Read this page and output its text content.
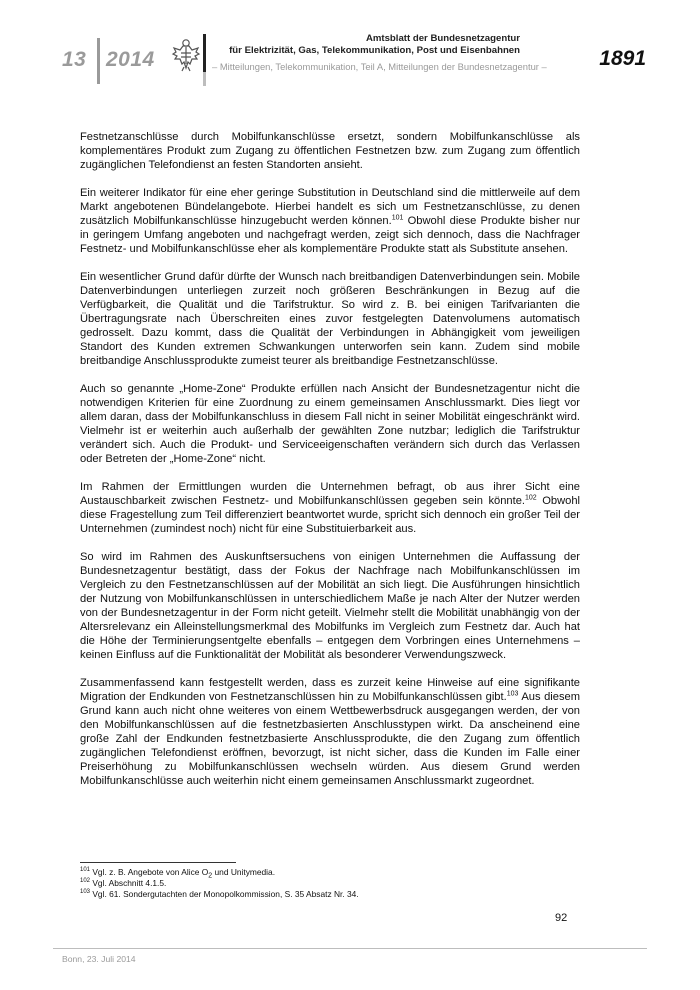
13 2014
Amtsblatt der Bundesnetzagentur
für Elektrizität, Gas, Telekommunikation, Post und Eisenbahnen
– Mitteilungen, Telekommunikation, Teil A, Mitteilungen der Bundesnetzagentur –	1891

Festnetzanschlüsse durch Mobilfunkanschlüsse ersetzt, sondern Mobilfunkanschlüsse als komplementäres Produkt zum Zugang zu öffentlichen Festnetzen bzw. zum Zugang zum öffentlich zugänglichen Telefondienst an festen Standorten ansieht.

Ein weiterer Indikator für eine eher geringe Substitution in Deutschland sind die mittlerweile auf dem Markt angebotenen Bündelangebote. Hierbei handelt es sich um Festnetzanschlüsse, zu denen zusätzlich Mobilfunkanschlüsse hinzugebucht werden können.$^{101}$ Obwohl diese Produkte bisher nur in geringem Umfang angeboten und nachgefragt werden, zeigt sich dennoch, dass die Nachfrager Festnetz- und Mobilfunkanschlüsse eher als komplementäre Produkte statt als Substitute ansehen.

Ein wesentlicher Grund dafür dürfte der Wunsch nach breitbandigen Datenverbindungen sein. Mobile Datenverbindungen unterliegen zurzeit noch größeren Beschränkungen in Bezug auf die Verfügbarkeit, die Qualität und die Tarifstruktur. So wird z. B. bei einigen Tarifvarianten die Übertragungsrate nach Überschreiten eines zuvor festgelegten Datenvolumens automatisch gedrosselt. Dazu kommt, dass die Qualität der Verbindungen in Abhängigkeit vom jeweiligen Standort des Kunden extremen Schwankungen unterworfen sein kann. Zudem sind mobile breitbandige Anschlussprodukte zumeist teurer als breitbandige Festnetzanschlüsse.

Auch so genannte „Home-Zone“ Produkte erfüllen nach Ansicht der Bundesnetzagentur nicht die notwendigen Kriterien für eine Zuordnung zu einem gemeinsamen Anschlussmarkt. Dies liegt vor allem daran, dass der Mobilfunkanschluss in diesem Fall nicht in seiner Mobilität eingeschränkt wird. Vielmehr ist er weiterhin auch außerhalb der gewählten Zone nutzbar; lediglich die Tarifstruktur verändert sich. Auch die Produkt- und Serviceeigenschaften verändern sich durch das Verlassen oder Betreten der „Home-Zone“ nicht.

Im Rahmen der Ermittlungen wurden die Unternehmen befragt, ob aus ihrer Sicht eine Austauschbarkeit zwischen Festnetz- und Mobilfunkanschlüssen gegeben sein könnte.$^{102}$ Obwohl diese Fragestellung zum Teil differenziert beantwortet wurde, spricht sich dennoch ein großer Teil der Unternehmen (zumindest noch) nicht für eine Substituierbarkeit aus.

So wird im Rahmen des Auskunftsersuchens von einigen Unternehmen die Auffassung der Bundesnetzagentur bestätigt, dass der Fokus der Nachfrage nach Mobilfunkanschlüssen im Vergleich zu den Festnetzanschlüssen auf der Mobilität an sich liegt. Die Ausführungen hinsichtlich der Nutzung von Mobilfunkanschlüssen in unterschiedlichem Maße je nach Alter der Nutzer werden von der Bundesnetzagentur in der Form nicht geteilt. Vielmehr stellt die Mobilität unabhängig von der Altersrelevanz ein Alleinstellungsmerkmal des Mobilfunks im Vergleich zum Festnetz dar. Auch hat die Höhe der Terminierungsentgelte ebenfalls – entgegen dem Vorbringen eines Unternehmens – keinen Einfluss auf die Funktionalität der Mobilität als besonderer Verwendungszweck.

Zusammenfassend kann festgestellt werden, dass es zurzeit keine Hinweise auf eine signifikante Migration der Endkunden von Festnetzanschlüssen hin zu Mobilfunkanschlüssen gibt.$^{103}$ Aus diesem Grund kann auch nicht ohne weiteres von einem Wettbewerbsdruck ausgegangen werden, der von den Mobilfunkanschlüssen auf die festnetzbasierten Anschlusstypen wirkt. Da anscheinend eine große Zahl der Endkunden festnetzbasierte Anschlussprodukte, die den Zugang zum öffentlich zugänglichen Telefondienst eröffnen, bevorzugt, ist nicht sicher, dass die Kunden im Falle einer Preiserhöhung zu Mobilfunkanschlüssen wechseln würden. Aus diesem Grund werden Mobilfunkanschlüsse auch weiterhin nicht einem gemeinsamen Anschlussmarkt zugeordnet.

$^{101}$ Vgl. z. B. Angebote von Alice $O_2$ und Unitymedia.
$^{102}$ Vgl. Abschnitt 4.1.5.
$^{103}$ Vgl. 61. Sondergutachten der Monopolkommission, S. 35 Absatz Nr. 34.
92
Bonn, 23. Juli 2014
